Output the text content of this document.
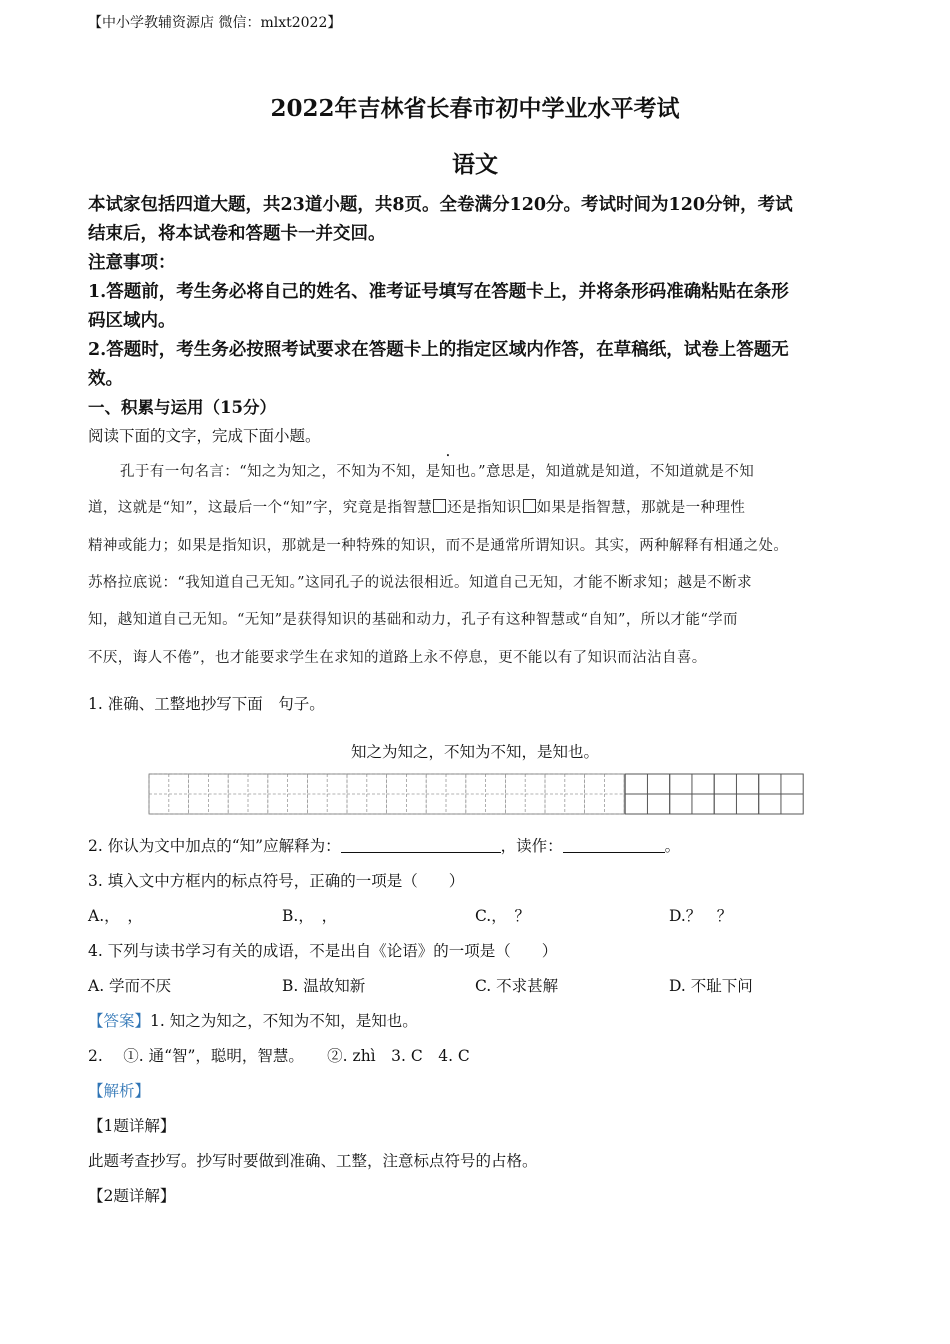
【中小学教辅资源店 微信：mlxt2022】
2022年吉林省长春市初中学业水平考试
语文
本试家包括四道大题，共23道小题，共8页。全卷满分120分。考试时间为120分钟，考试
结束后，将本试卷和答题卡一并交回。
注意事项：
1.答题前，考生务必将自己的姓名、准考证号填写在答题卡上，并将条形码准确粘贴在条形
码区域内。
2.答题时，考生务必按照考试要求在答题卡上的指定区域内作答，在草稿纸，试卷上答题无
效。
一、积累与运用（15分）
阅读下面的文字，完成下面小题。
孔于有一句名言：“知之为知之，不知为不知，是知也。”意思是，知道就是知道，不知道就是不知
道，这就是“知”，这最后一个“知”字，究竟是指智慧 还是指知识 如果是指智慧，那就是一种理性
精神或能力；如果是指知识，那就是一种特殊的知识，而不是通常所谓知识。其实，两种解释有相通之处。
苏格拉底说：“我知道自己无知。”这同孔子的说法很相近。知道自己无知，才能不断求知；越是不断求
知，越知道自己无知。“无知”是获得知识的基础和动力，孔子有这种智慧或“自知”，所以才能“学而
不厌，诲人不倦”，也才能要求学生在求知的道路上永不停息，更不能以有了知识而沾沾自喜。
1. 准确、工整地抄写下面　句子。
知之为知之，不知为不知，是知也。
2. 你认为文中加点的“知”应解释为：	，读作：	。
3. 填入文中方框内的标点符号，正确的一项是（　　）
A.，　，	B.，　，	C.，　？	D.？　？
4. 下列与读书学习有关的成语，不是出自《论语》的一项是（　　）
A. 学而不厌	B. 温故知新	C. 不求甚解	D. 不耻下问
【答案】1. 知之为知之，不知为不知，是知也。
2.　 ①. 通“智”，聪明，智慧。　　②. zhì　3. C　4. C
【解析】
【1题详解】
此题考查抄写。抄写时要做到准确、工整，注意标点符号的占格。
【2题详解】
